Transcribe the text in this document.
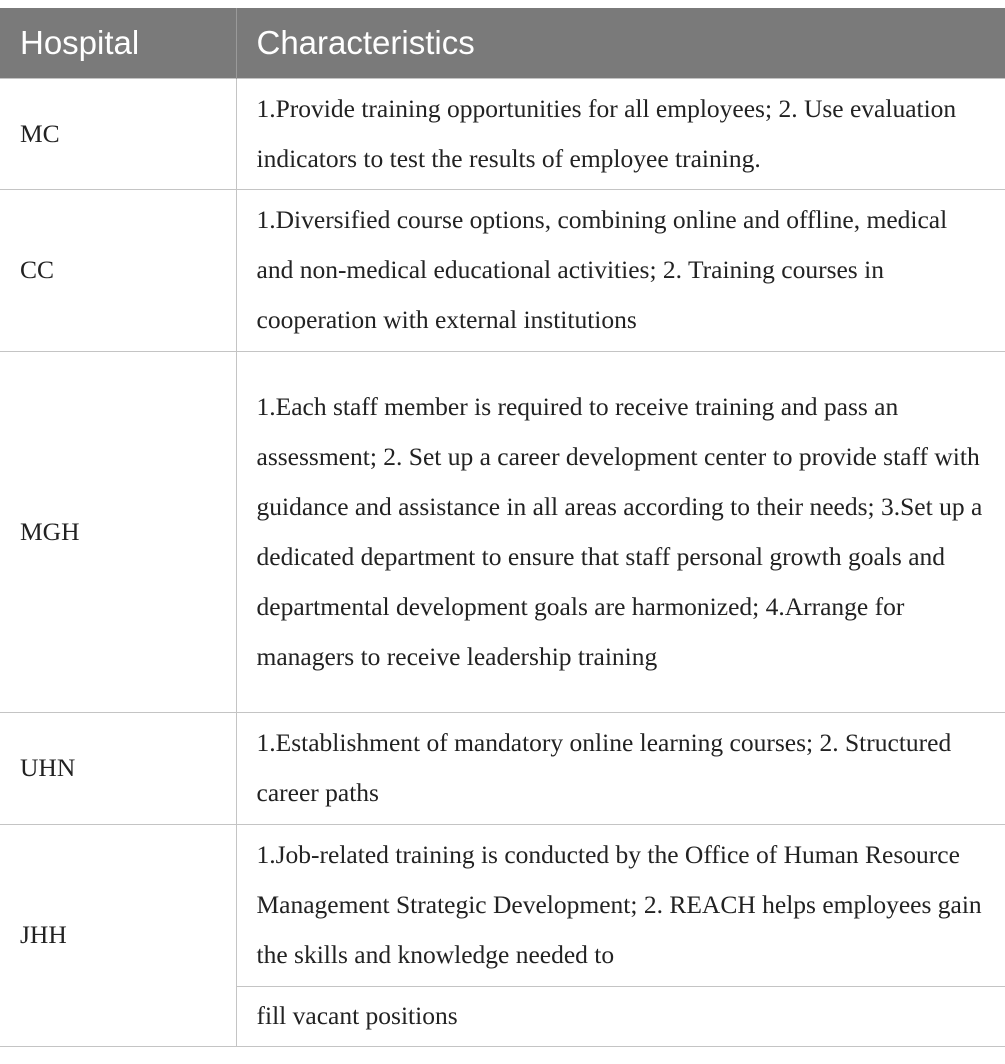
Hospital	Characteristics
MC	1.Provide training opportunities for all employees; 2. Use evaluation indicators to test the results of employee training.
CC	1.Diversified course options, combining online and offline, medical and non-medical educational activities; 2. Training courses in cooperation with external institutions
MGH	1.Each staff member is required to receive training and pass an assessment; 2. Set up a career development center to provide staff with guidance and assistance in all areas according to their needs; 3.Set up a dedicated department to ensure that staff personal growth goals and departmental development goals are harmonized; 4.Arrange for managers to receive leadership training
UHN	1.Establishment of mandatory online learning courses; 2. Structured career paths
JHH	1.Job-related training is conducted by the Office of Human Resource Management Strategic Development; 2. REACH helps employees gain the skills and knowledge needed to
	fill vacant positions
